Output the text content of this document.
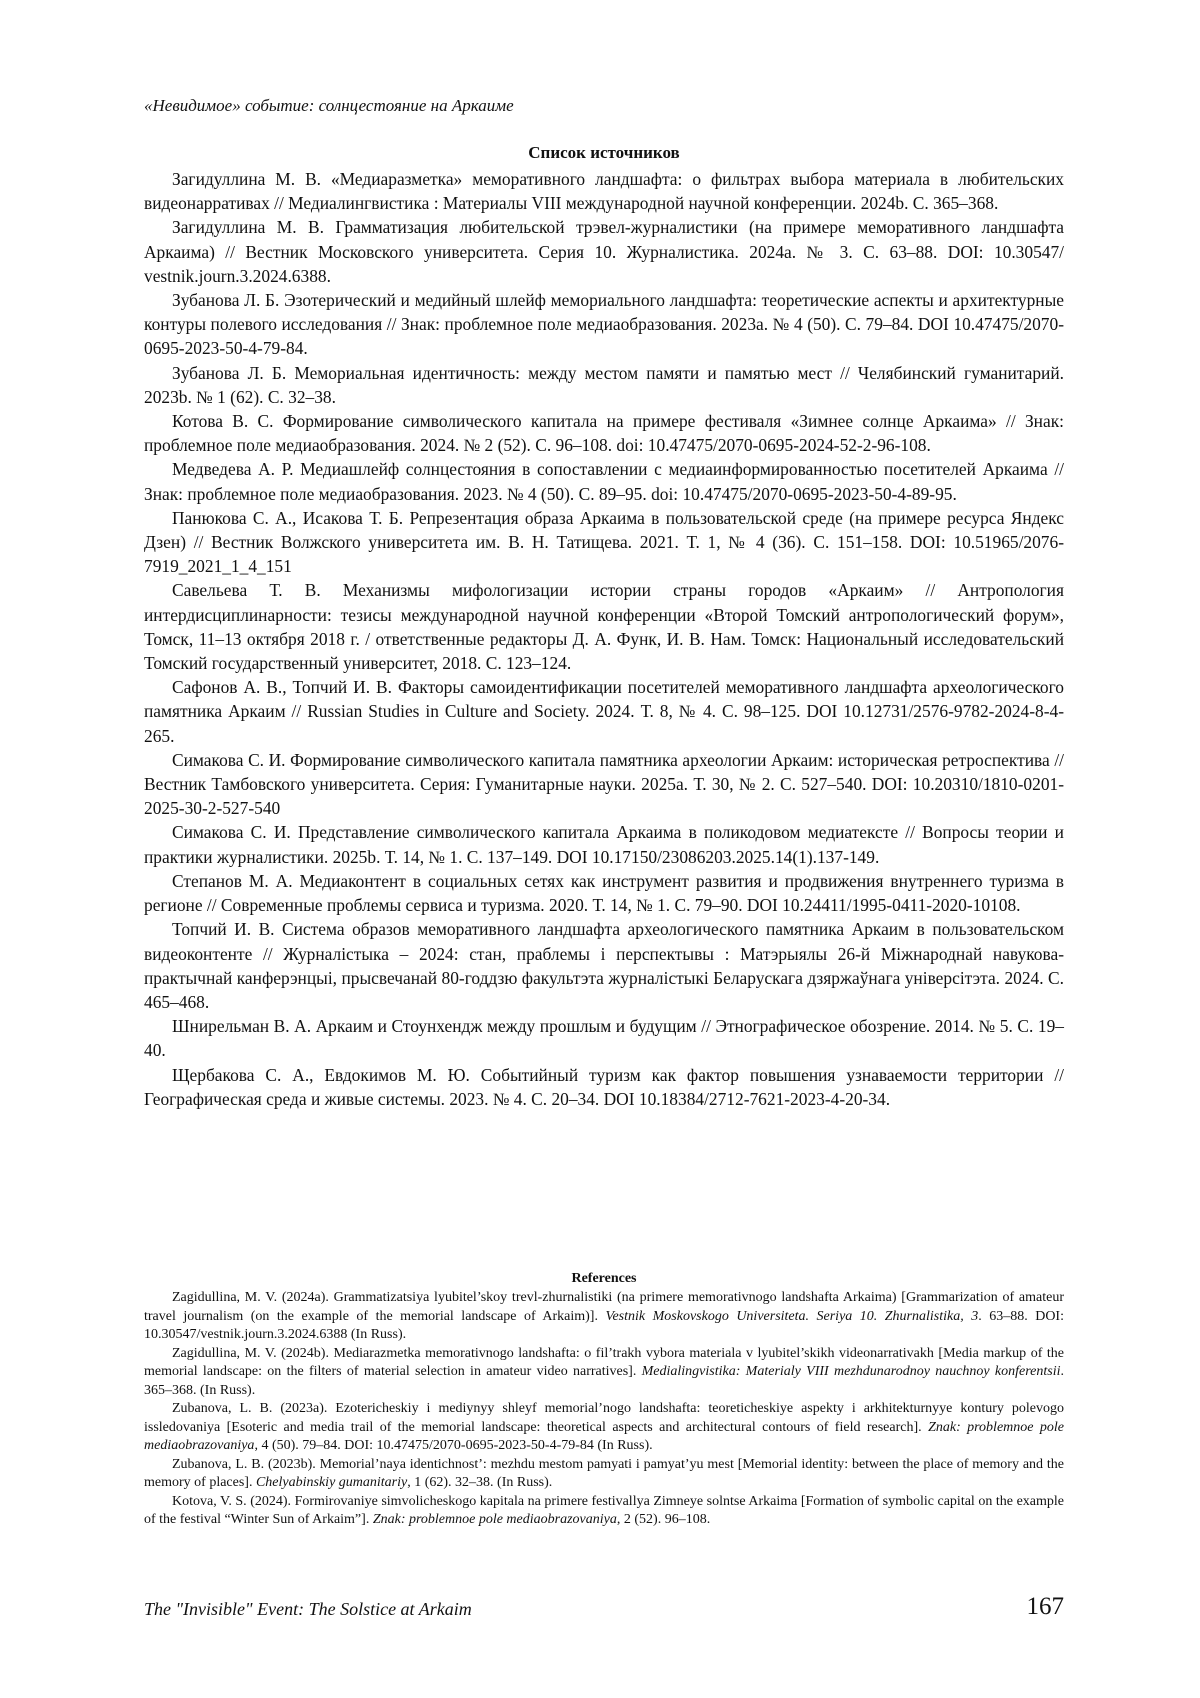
«Невидимое» событие: солнцестояние на Аркаиме
Список источников

Загидуллина М. В. «Медиаразметка» меморативного ландшафта: о фильтрах выбора материала в любительских видеонарративах // Медиалингвистика : Материалы VIII международной научной конференции. 2024b. С. 365–368.

Загидуллина М. В. Грамматизация любительской трэвел-журналистики (на примере меморативного ландшафта Аркаима) // Вестник Московского университета. Серия 10. Журналистика. 2024a. № 3. С. 63–88. DOI: 10.30547/ vestnik.journ.3.2024.6388.

Зубанова Л. Б. Эзотерический и медийный шлейф мемориального ландшафта: теоретические аспекты и архитектурные контуры полевого исследования // Знак: проблемное поле медиаобразования. 2023a. № 4 (50). С. 79–84. DOI 10.47475/2070-0695-2023-50-4-79-84.

Зубанова Л. Б. Мемориальная идентичность: между местом памяти и памятью мест // Челябинский гуманитарий. 2023b. № 1 (62). С. 32–38.

Котова В. С. Формирование символического капитала на примере фестиваля «Зимнее солнце Аркаима» // Знак: проблемное поле медиаобразования. 2024. № 2 (52). С. 96–108. doi: 10.47475/2070-0695-2024-52-2-96-108.

Медведева А. Р. Медиашлейф солнцестояния в сопоставлении с медиаинформированностью посетителей Аркаима // Знак: проблемное поле медиаобразования. 2023. № 4 (50). С. 89–95. doi: 10.47475/2070-0695-2023-50-4-89-95.

Панюкова С. А., Исакова Т. Б. Репрезентация образа Аркаима в пользовательской среде (на примере ресурса Яндекс Дзен) // Вестник Волжского университета им. В. Н. Татищева. 2021. Т. 1, № 4 (36). С. 151–158. DOI: 10.51965/2076-7919_2021_1_4_151

Савельева Т. В. Механизмы мифологизации истории страны городов «Аркаим» // Антропология интердисциплинарности: тезисы международной научной конференции «Второй Томский антропологический форум», Томск, 11–13 октября 2018 г. / ответственные редакторы Д. А. Функ, И. В. Нам. Томск: Национальный исследовательский Томский государственный университет, 2018. С. 123–124.

Сафонов А. В., Топчий И. В. Факторы самоидентификации посетителей меморативного ландшафта археологического памятника Аркаим // Russian Studies in Culture and Society. 2024. Т. 8, № 4. С. 98–125. DOI 10.12731/2576-9782-2024-8-4-265.

Симакова С. И. Формирование символического капитала памятника археологии Аркаим: историческая ретроспектива // Вестник Тамбовского университета. Серия: Гуманитарные науки. 2025a. Т. 30, № 2. С. 527–540. DOI: 10.20310/1810-0201-2025-30-2-527-540

Симакова С. И. Представление символического капитала Аркаима в поликодовом медиатексте // Вопросы теории и практики журналистики. 2025b. Т. 14, № 1. С. 137–149. DOI 10.17150/23086203.2025.14(1).137-149.

Степанов М. А. Медиаконтент в социальных сетях как инструмент развития и продвижения внутреннего туризма в регионе // Современные проблемы сервиса и туризма. 2020. Т. 14, № 1. С. 79–90. DOI 10.24411/1995-0411-2020-10108.

Топчий И. В. Система образов меморативного ландшафта археологического памятника Аркаим в пользовательском видеоконтенте // Журналістыка – 2024: стан, праблемы і перспектывы : Матэрыялы 26-й Міжнароднай навукова-практычнай канферэнцыі, прысвечанай 80-годдзю факультэта журналістыкі Беларускага дзяржаўнага універсітэта. 2024. С. 465–468.

Шнирельман В. А. Аркаим и Стоунхендж между прошлым и будущим // Этнографическое обозрение. 2014. № 5. С. 19–40.

Щербакова С. А., Евдокимов М. Ю. Событийный туризм как фактор повышения узнаваемости территории // Географическая среда и живые системы. 2023. № 4. С. 20–34. DOI 10.18384/2712-7621-2023-4-20-34.

References

Zagidullina, M. V. (2024a). Grammatizatsiya lyubitel’skoy trevl-zhurnalistiki (na primere memorativnogo landshafta Arkaima) [Grammarization of amateur travel journalism (on the example of the memorial landscape of Arkaim)]. Vestnik Moskovskogo Universiteta. Seriya 10. Zhurnalistika, 3. 63–88. DOI: 10.30547/vestnik.journ.3.2024.6388 (In Russ).

Zagidullina, M. V. (2024b). Mediarazmetka memorativnogo landshafta: o fil’trakh vybora materiala v lyubitel’skikh videonarrativakh [Media markup of the memorial landscape: on the filters of material selection in amateur video narratives]. Medialingvistika: Materialy VIII mezhdunarodnoy nauchnoy konferentsii. 365–368. (In Russ).

Zubanova, L. B. (2023a). Ezotericheskiy i mediynyy shleyf memorial’nogo landshafta: teoreticheskiye aspekty i arkhitekturnyye kontury polevogo issledovaniya [Esoteric and media trail of the memorial landscape: theoretical aspects and architectural contours of field research]. Znak: problemnoe pole mediaobrazovaniya, 4 (50). 79–84. DOI: 10.47475/2070-0695-2023-50-4-79-84 (In Russ).

Zubanova, L. B. (2023b). Memorial’naya identichnost’: mezhdu mestom pamyati i pamyat’yu mest [Memorial identity: between the place of memory and the memory of places]. Chelyabinskiy gumanitariy, 1 (62). 32–38. (In Russ).

Kotova, V. S. (2024). Formirovaniye simvolicheskogo kapitala na primere festivallya Zimneye solntse Arkaima [Formation of symbolic capital on the example of the festival “Winter Sun of Arkaim”]. Znak: problemnoe pole mediaobrazovaniya, 2 (52). 96–108.

The "Invisible" Event: The Solstice at Arkaim	167
